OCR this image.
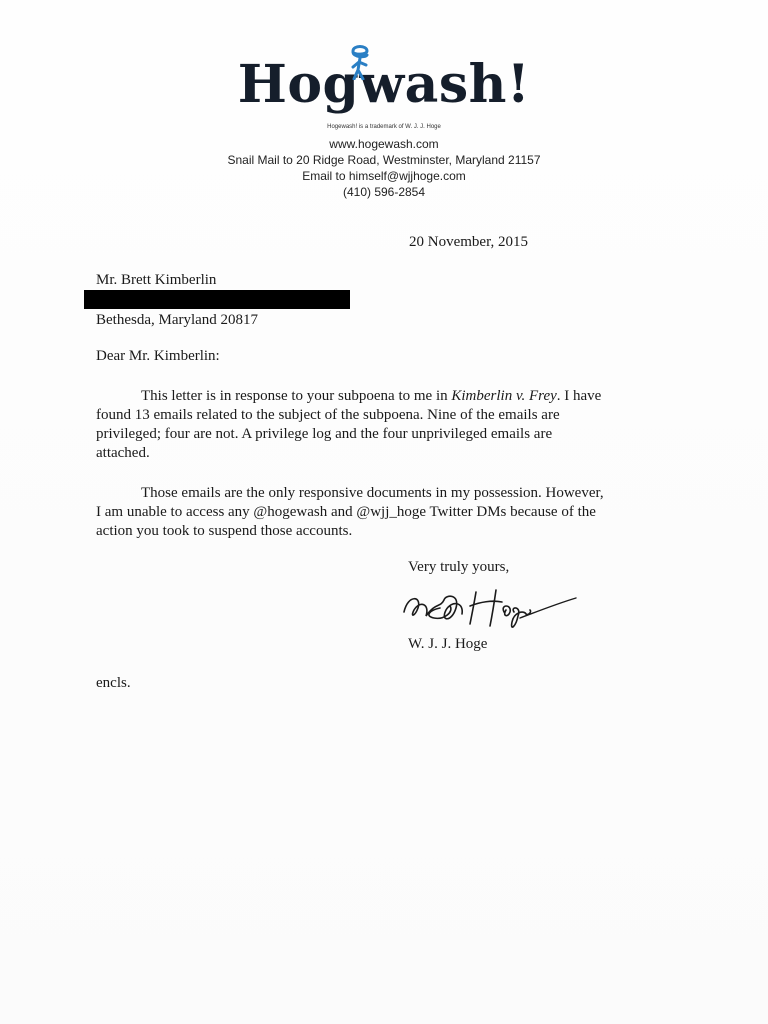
Hogwash!
Hogewash! is a trademark of W. J. J. Hoge
www.hogewash.com
Snail Mail to 20 Ridge Road, Westminster, Maryland 21157
Email to himself@wjjhoge.com
(410) 596-2854
20 November, 2015
Mr. Brett Kimberlin
Bethesda, Maryland 20817
Dear Mr. Kimberlin:

This letter is in response to your subpoena to me in Kimberlin v. Frey. I have

found 13 emails related to the subject of the subpoena. Nine of the emails are

privileged; four are not. A privilege log and the four unprivileged emails are

attached.

Those emails are the only responsive documents in my possession. However,

I am unable to access any @hogewash and @wjj_hoge Twitter DMs because of the

action you took to suspend those accounts.

Very truly yours,
W. J. J. Hoge
encls.
